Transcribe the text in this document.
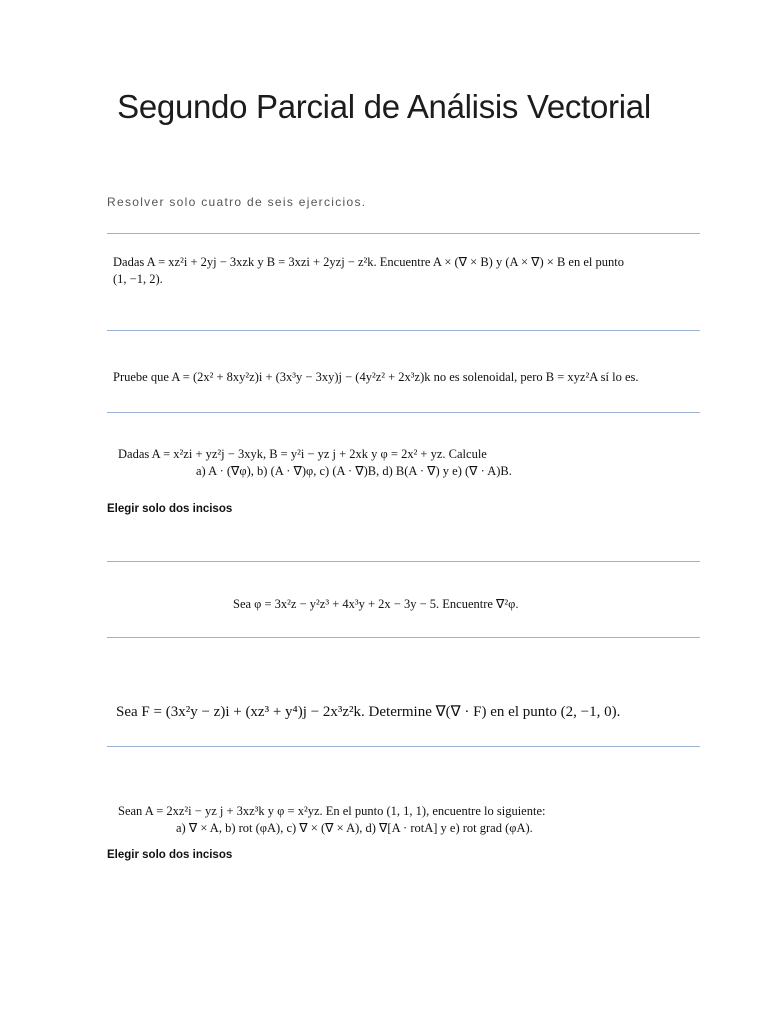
Segundo Parcial de Análisis Vectorial
Resolver solo cuatro de seis ejercicios.
Dadas A = xz²i + 2yj − 3xzk y B = 3xzi + 2yzj − z²k. Encuentre A × (∇ × B) y (A × ∇) × B en el punto
(1, −1, 2).
Pruebe que A = (2x² + 8xy²z)i + (3x³y − 3xy)j − (4y²z² + 2x³z)k no es solenoidal, pero B = xyz²A sí lo es.
Dadas A = x²zi + yz²j − 3xyk, B = y²i − yz j + 2xk y φ = 2x² + yz. Calcule
a) A · (∇φ), b) (A · ∇)φ, c) (A · ∇)B, d) B(A · ∇) y e) (∇ · A)B.
Elegir solo dos incisos
Sea φ = 3x²z − y²z³ + 4x³y + 2x − 3y − 5. Encuentre ∇²φ.
Sea F = (3x²y − z)i + (xz³ + y⁴)j − 2x³z²k. Determine ∇(∇ · F) en el punto (2, −1, 0).
Sean A = 2xz²i − yz j + 3xz³k y φ = x²yz. En el punto (1, 1, 1), encuentre lo siguiente:
a) ∇ × A, b) rot (φA), c) ∇ × (∇ × A), d) ∇[A · rotA] y e) rot grad (φA).
Elegir solo dos incisos
